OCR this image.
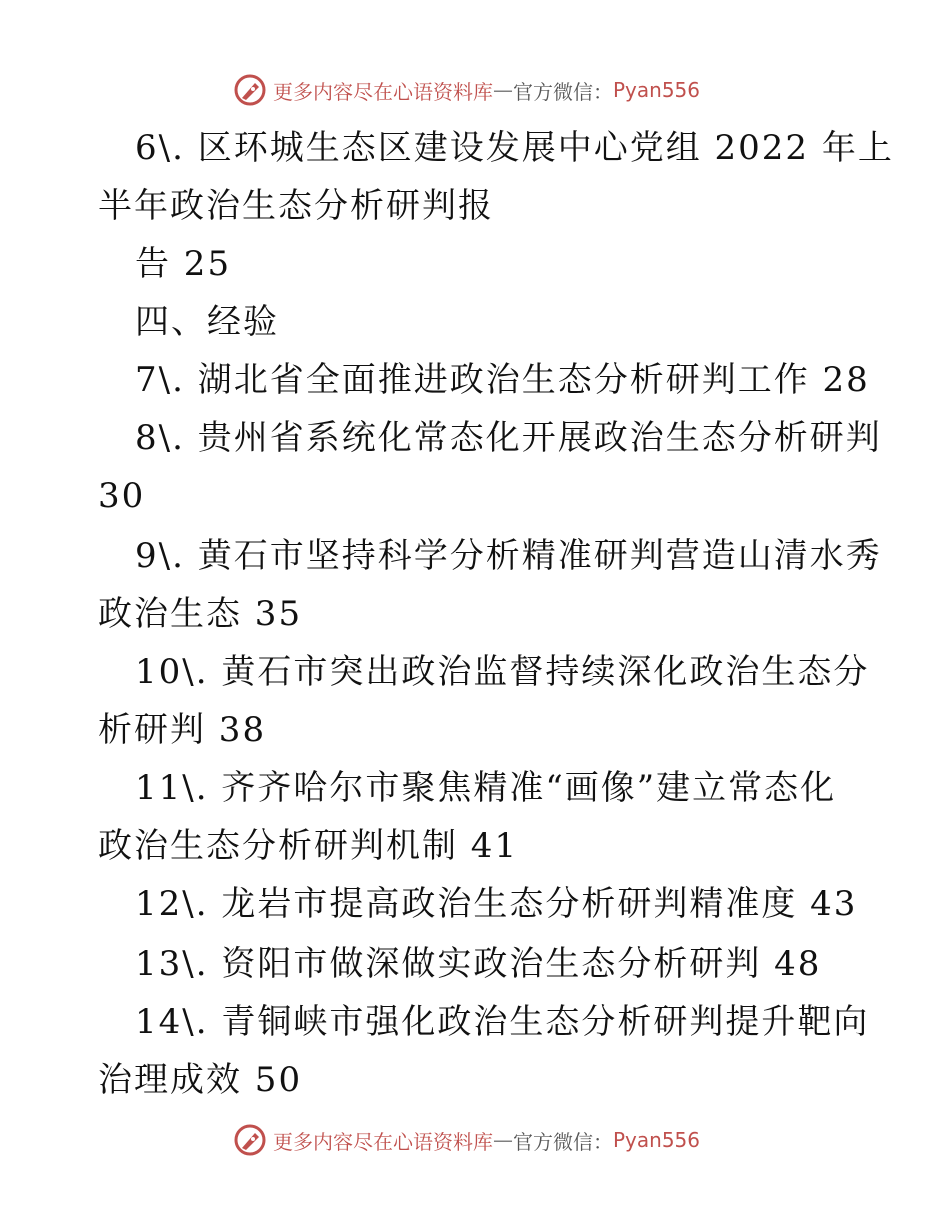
更多内容尽在心语资料库 — 官方微信： Pyan556
6\. 区环城生态区建设发展中心党组 2022 年上
半年政治生态分析研判报
告 25
四、经验
7\. 湖北省全面推进政治生态分析研判工作 28
8\. 贵州省系统化常态化开展政治生态分析研判
30
9\. 黄石市坚持科学分析精准研判营造山清水秀
政治生态 35
10\. 黄石市突出政治监督持续深化政治生态分
析研判 38
11\. 齐齐哈尔市聚焦精准“画像”建立常态化
政治生态分析研判机制 41
12\. 龙岩市提高政治生态分析研判精准度 43
13\. 资阳市做深做实政治生态分析研判 48
14\. 青铜峡市强化政治生态分析研判提升靶向
治理成效 50
更多内容尽在心语资料库 — 官方微信： Pyan556
